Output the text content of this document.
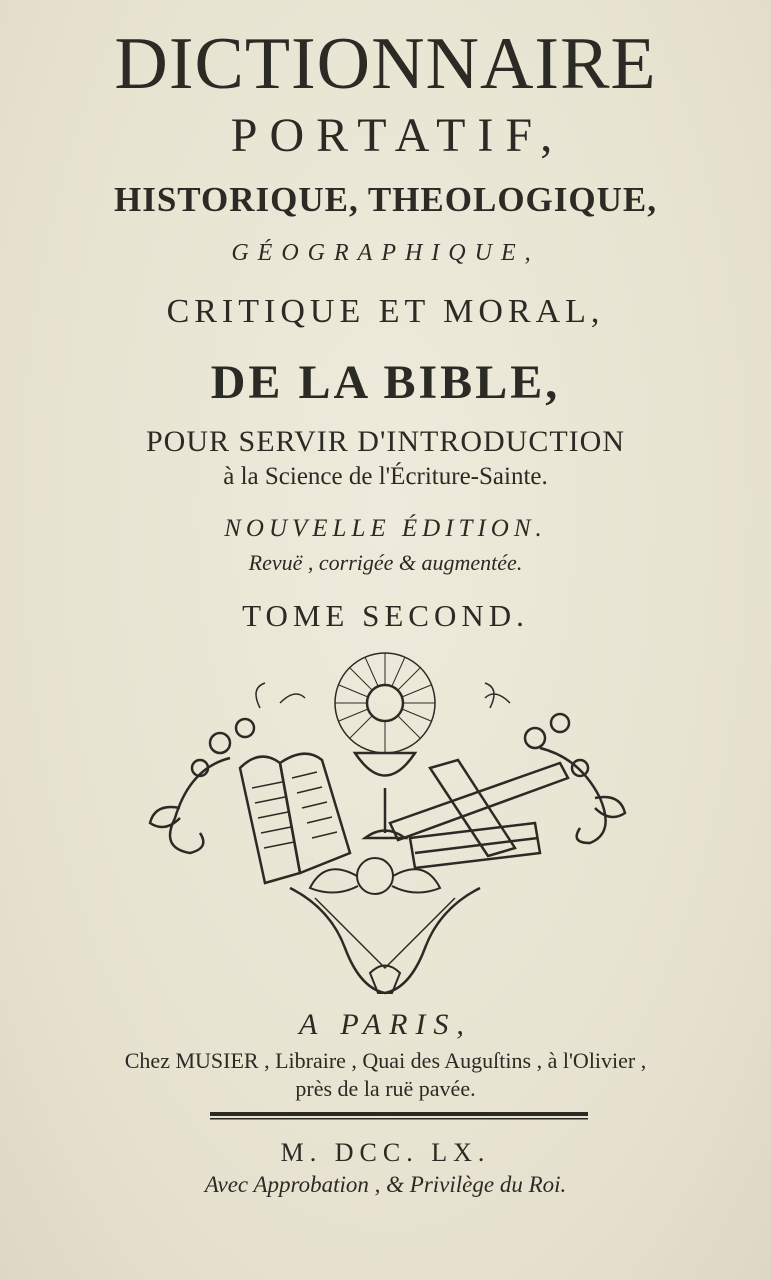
DICTIONNAIRE

PORTATIF,

HISTORIQUE, THEOLOGIQUE,

GÉOGRAPHIQUE,

CRITIQUE ET MORAL,

DE LA BIBLE,

POUR SERVIR D'INTRODUCTION

à la Science de l'Écriture-Sainte.

NOUVELLE ÉDITION.

Revuë , corrigée & augmentée.

TOME SECOND.

A PARIS,

Chez MUSIER , Libraire , Quai des Auguſtins , à l'Olivier ,

près de la ruë pavée.

M. DCC. LX.

Avec Approbation , & Privilège du Roi.
